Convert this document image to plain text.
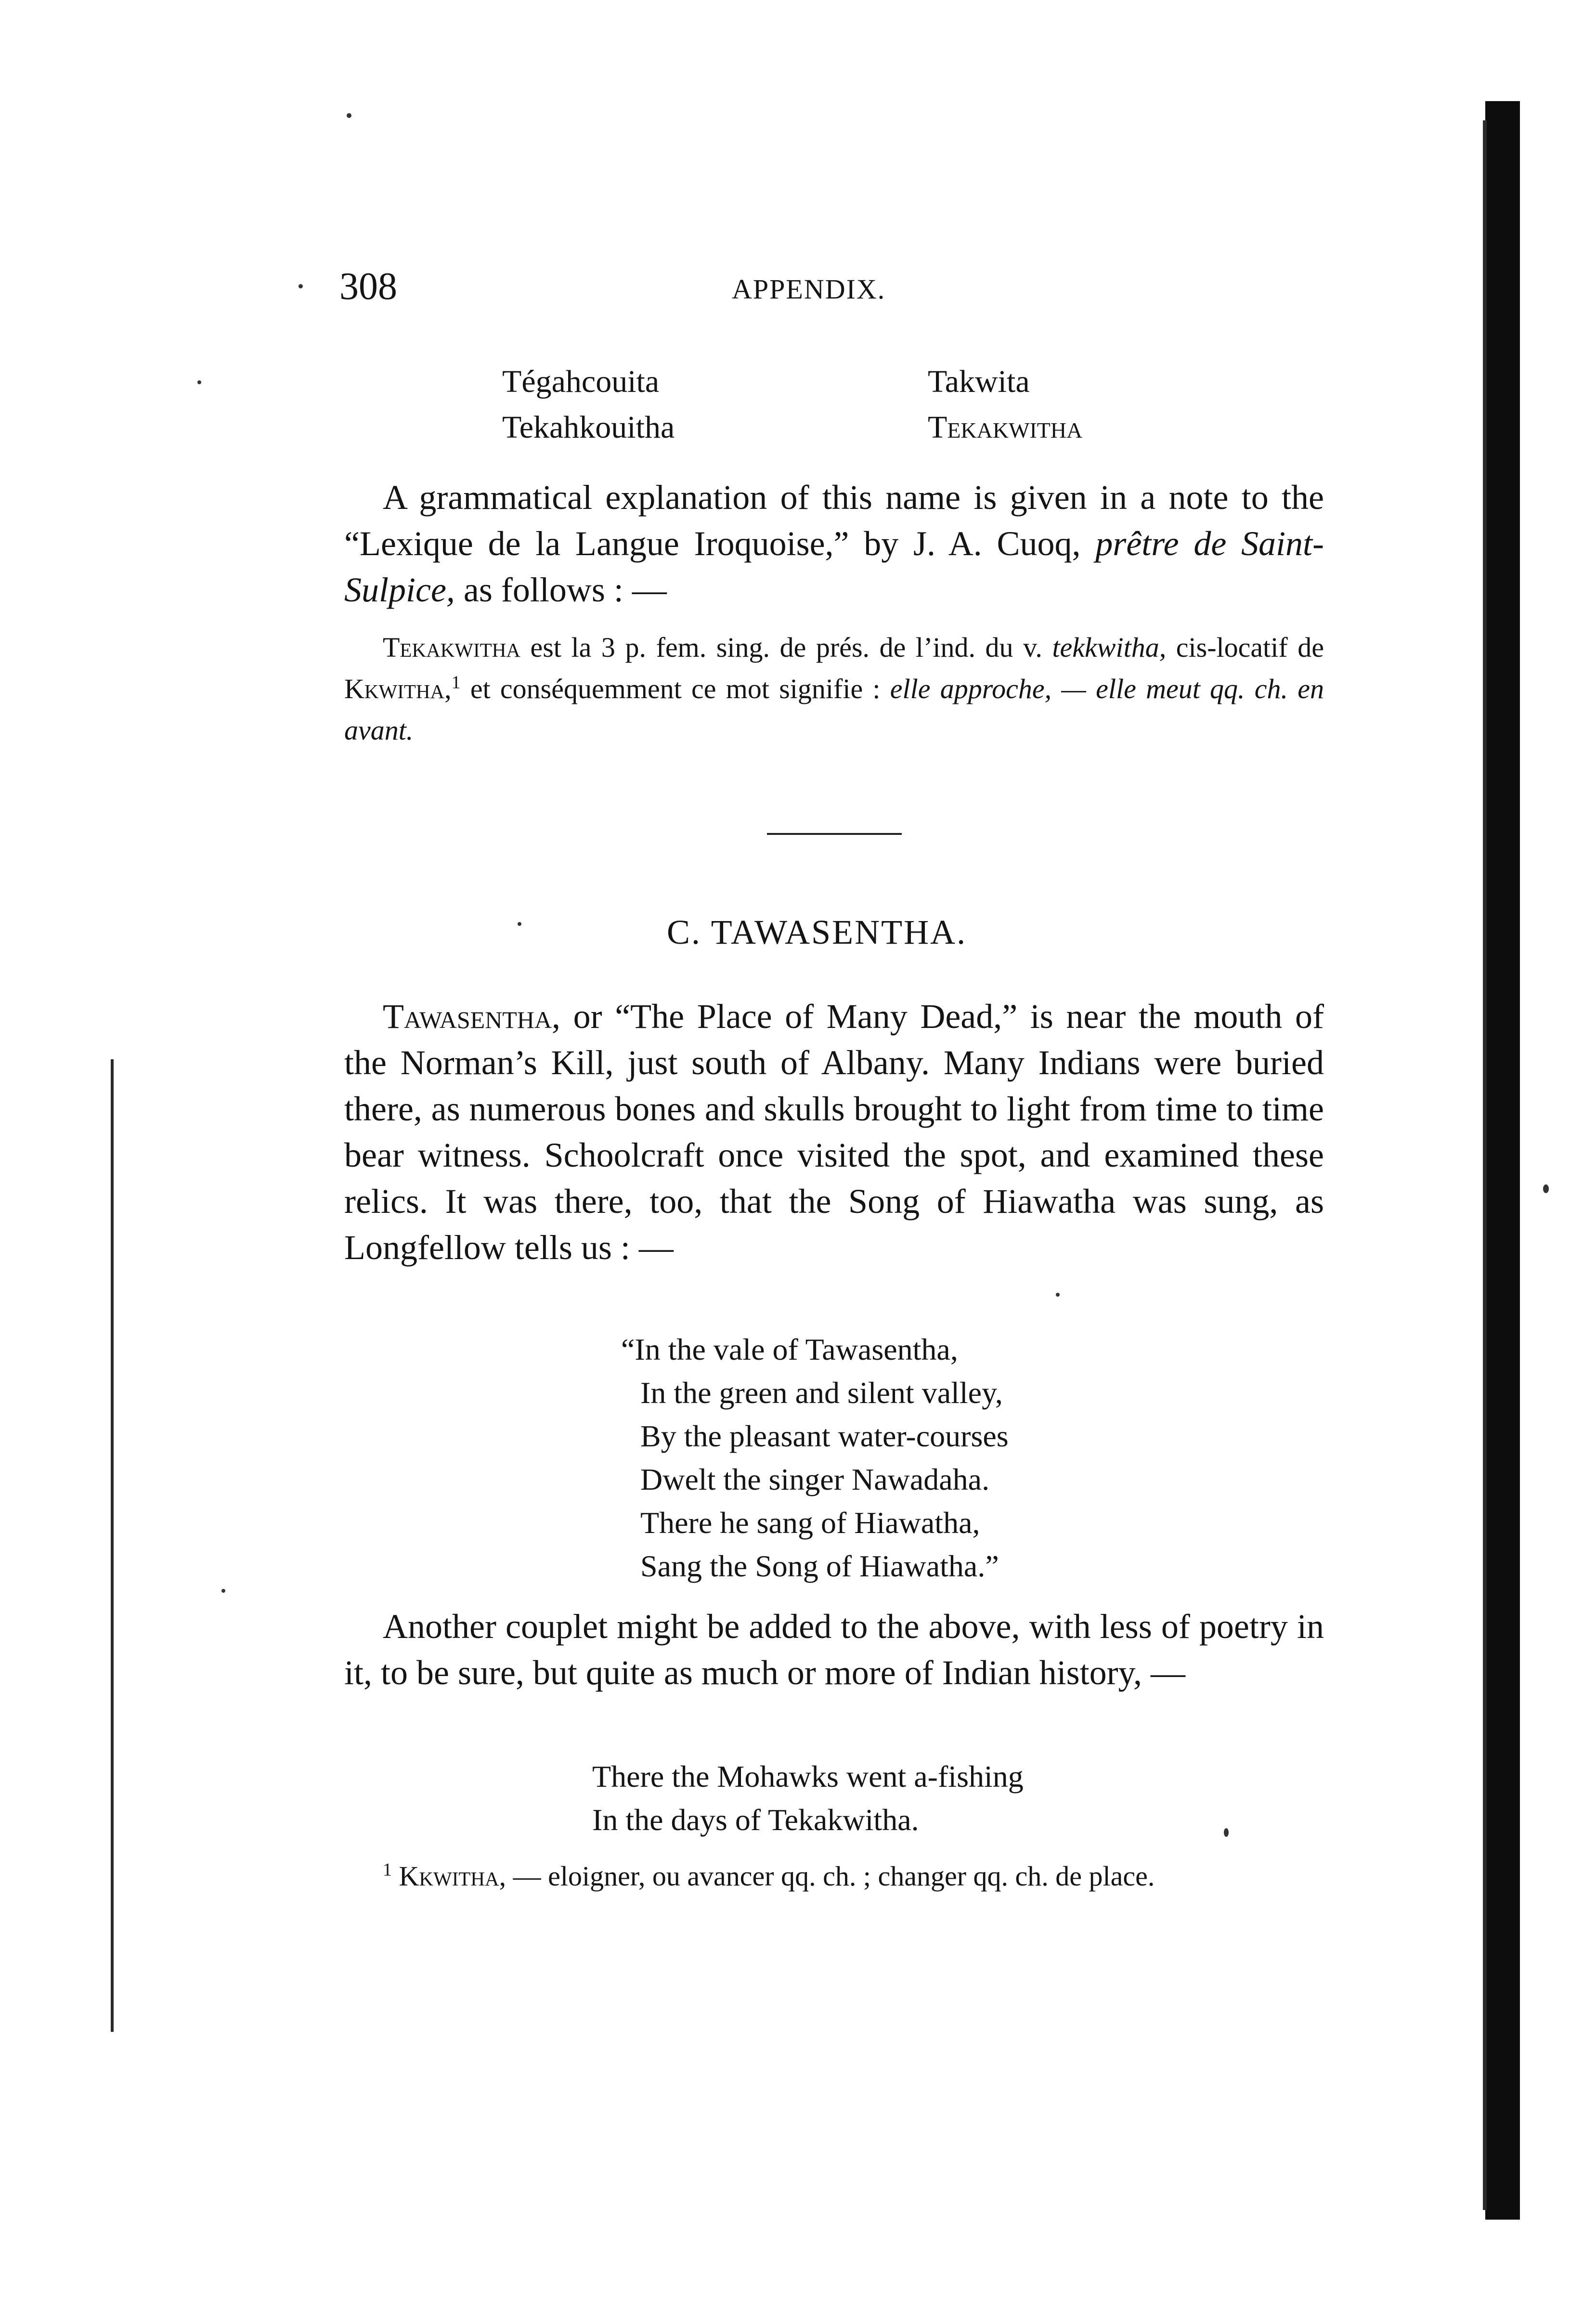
308	APPENDIX.
Tégahcouita
Tekahkouitha
Takwita
Tekakwitha

A grammatical explanation of this name is given in a note to the “Lexique de la Langue Iroquoise,” by J. A. Cuoq, prêtre de Saint-Sulpice, as follows : —

Tekakwitha est la 3 p. fem. sing. de prés. de l’ind. du v. tekkwitha, cis-locatif de Kkwitha,$^1$ et conséquemment ce mot signifie : elle approche, — elle meut qq. ch. en avant.

C. TAWASENTHA.

Tawasentha, or “The Place of Many Dead,” is near the mouth of the Norman’s Kill, just south of Albany. Many Indians were buried there, as numerous bones and skulls brought to light from time to time bear witness. Schoolcraft once visited the spot, and examined these relics. It was there, too, that the Song of Hiawatha was sung, as Longfellow tells us : —

“In the vale of Tawasentha,
In the green and silent valley,
By the pleasant water-courses
Dwelt the singer Nawadaha.
There he sang of Hiawatha,
Sang the Song of Hiawatha.”

Another couplet might be added to the above, with less of poetry in it, to be sure, but quite as much or more of Indian history, —

There the Mohawks went a-fishing
In the days of Tekakwitha.

$^1$ Kkwitha, — eloigner, ou avancer qq. ch. ; changer qq. ch. de place.
